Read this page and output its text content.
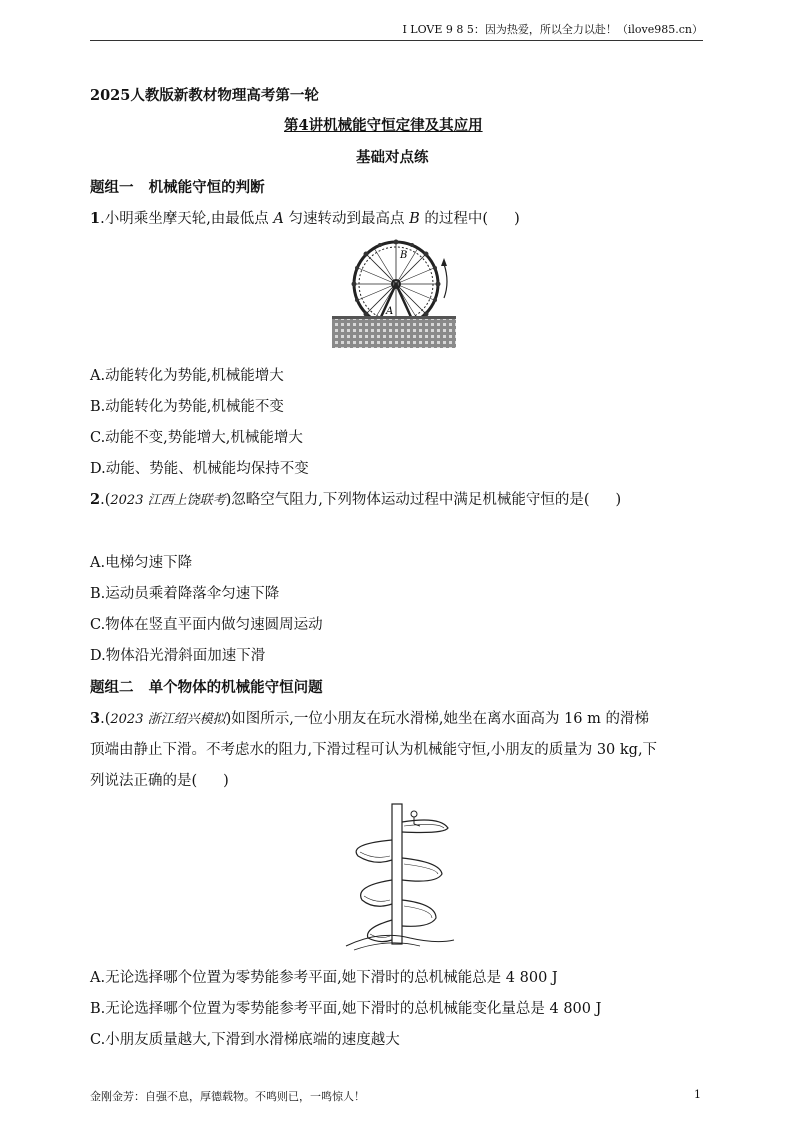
I LOVE 9 8 5：因为热爱，所以全力以赴！（ilove985.cn）
2025人教版新教材物理高考第一轮
第4讲机械能守恒定律及其应用
基础对点练
题组一 机械能守恒的判断
1.小明乘坐摩天轮,由最低点 A 匀速转动到最高点 B 的过程中( )
B
A
A.动能转化为势能,机械能增大
B.动能转化为势能,机械能不变
C.动能不变,势能增大,机械能增大
D.动能、势能、机械能均保持不变
2.(2023 江西上饶联考)忽略空气阻力,下列物体运动过程中满足机械能守恒的是( )
A.电梯匀速下降
B.运动员乘着降落伞匀速下降
C.物体在竖直平面内做匀速圆周运动
D.物体沿光滑斜面加速下滑
题组二 单个物体的机械能守恒问题
3.(2023 浙江绍兴模拟)如图所示,一位小朋友在玩水滑梯,她坐在离水面高为 16 m 的滑梯
顶端由静止下滑。不考虑水的阻力,下滑过程可认为机械能守恒,小朋友的质量为 30 kg,下
列说法正确的是( )
A.无论选择哪个位置为零势能参考平面,她下滑时的总机械能总是 4 800 J
B.无论选择哪个位置为零势能参考平面,她下滑时的总机械能变化量总是 4 800 J
C.小朋友质量越大,下滑到水滑梯底端的速度越大
金刚金芳：自强不息，厚德载物。不鸣则已，一鸣惊人！	1
